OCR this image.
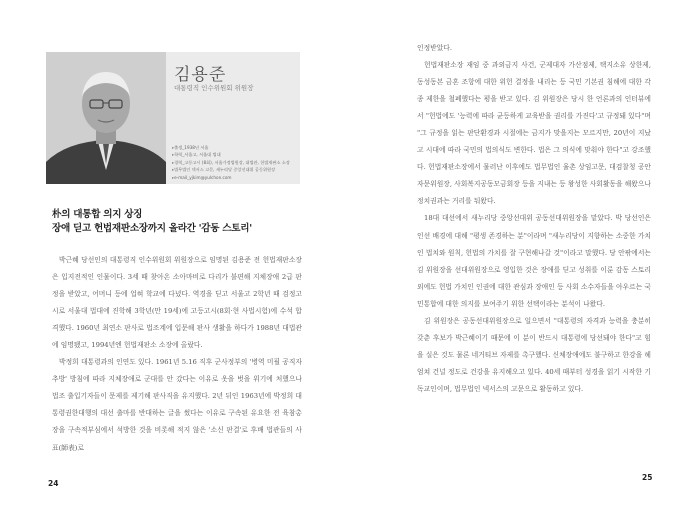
김용준
대통령직 인수위원회 위원장
▸ 출생_1938년 서울
▸ 학력_서울고, 서울대 법대
▸ 경력_고등고시 (8회), 서울가정법원장, 대법관, 헌법재판소 소장
▸ 법무법인 넥서스 고문, 새누리당 중앙선대위 공동위원장
▸ e-mail_yjkim@yulchon.com
朴의 대통합 의지 상징
장애 딛고 헌법재판소장까지 올라간 '감동 스토리'

박근혜 당선인의 대통령직 인수위원회 위원장으로 임명된 김용준 전 헌법재판소장은 입지전적인 인물이다. 3세 때 찾아온 소아마비로 다리가 불편해 지체장애 2급 판정을 받았고, 어머니 등에 업혀 학교에 다녔다. 역경을 딛고 서울고 2학년 때 검정고시로 서울대 법대에 진학해 3학년(만 19세)에 고등고시(8회·현 사법시험)에 수석 합격했다. 1960년 최연소 판사로 법조계에 입문해 판사 생활을 하다가 1988년 대법관에 임명됐고, 1994년엔 헌법재판소 소장에 올랐다.

박정희 대통령과의 인연도 있다. 1961년 5.16 직후 군사정부의 '병역 미필 공직자 추방' 방침에 따라 지체장애로 군대를 안 갔다는 이유로 옷을 벗을 위기에 처했으나 법조 출입기자들이 문제를 제기해 판사직을 유지했다. 2년 뒤인 1963년에 박정희 대통령권한대행의 대선 출마를 반대하는 글을 썼다는 이유로 구속된 유요한 전 육참총장을 구속적부심에서 석방한 것을 비롯해 적지 않은 '소신 판결'로 후배 법관들의 사표(師表)로

24

인정받았다.

헌법재판소장 재임 중 과외금지 사건, 군제대자 가산점제, 택지소유 상한제, 동성동본 금혼 조항에 대한 위헌 결정을 내리는 등 국민 기본권 침해에 대한 각종 제한을 철폐했다는 평을 받고 있다. 김 위원장은 당시 한 언론과의 인터뷰에서 "헌법에도 '능력에 따라 균등하게 교육받을 권리를 가진다'고 규정돼 있다"며 "그 규정을 읽는 판단환경과 시절에는 금지가 맞을지는 모르지만, 20년이 지났고 시대에 따라 국민의 법의식도 변한다. 법은 그 의식에 맞춰야 한다"고 강조했다. 헌법재판소장에서 물러난 이후에도 법무법인 율촌 상임고문, 대검찰청 공안자문위원장, 사회복지공동모금회장 등을 지내는 등 왕성한 사회활동을 해왔으나 정치권과는 거리를 둬왔다.

18대 대선에서 새누리당 중앙선대위 공동선대위원장을 맡았다. 박 당선인은 인선 배경에 대해 "평생 존경하는 분"이라며 "새누리당이 지향하는 소중한 가치인 법치와 원칙, 헌법의 가치를 잘 구현해나갈 것"이라고 말했다. 당 안팎에서는 김 위원장을 선대위원장으로 영입한 것은 장애를 딛고 성취를 이룬 감동 스토리 외에도 헌법 가치인 인권에 대한 관심과 장애인 등 사회 소수자들을 아우르는 국민통합에 대한 의지를 보여주기 위한 선택이라는 분석이 나왔다.

김 위원장은 공동선대위원장으로 일으면서 "대통령의 자격과 능력을 충분히 갖춘 후보가 박근혜이기 때문에 이 분이 반드시 대통령에 당선돼야 한다"고 힘을 실은 것도 물론 네거티브 자제를 촉구했다. 신체장애에도 불구하고 한강을 헤엄쳐 건널 정도로 건강을 유지해오고 있다. 40세 때부터 성경을 읽기 시작한 기독교인이며, 법무법인 넥서스의 고문으로 활동하고 있다.

25
